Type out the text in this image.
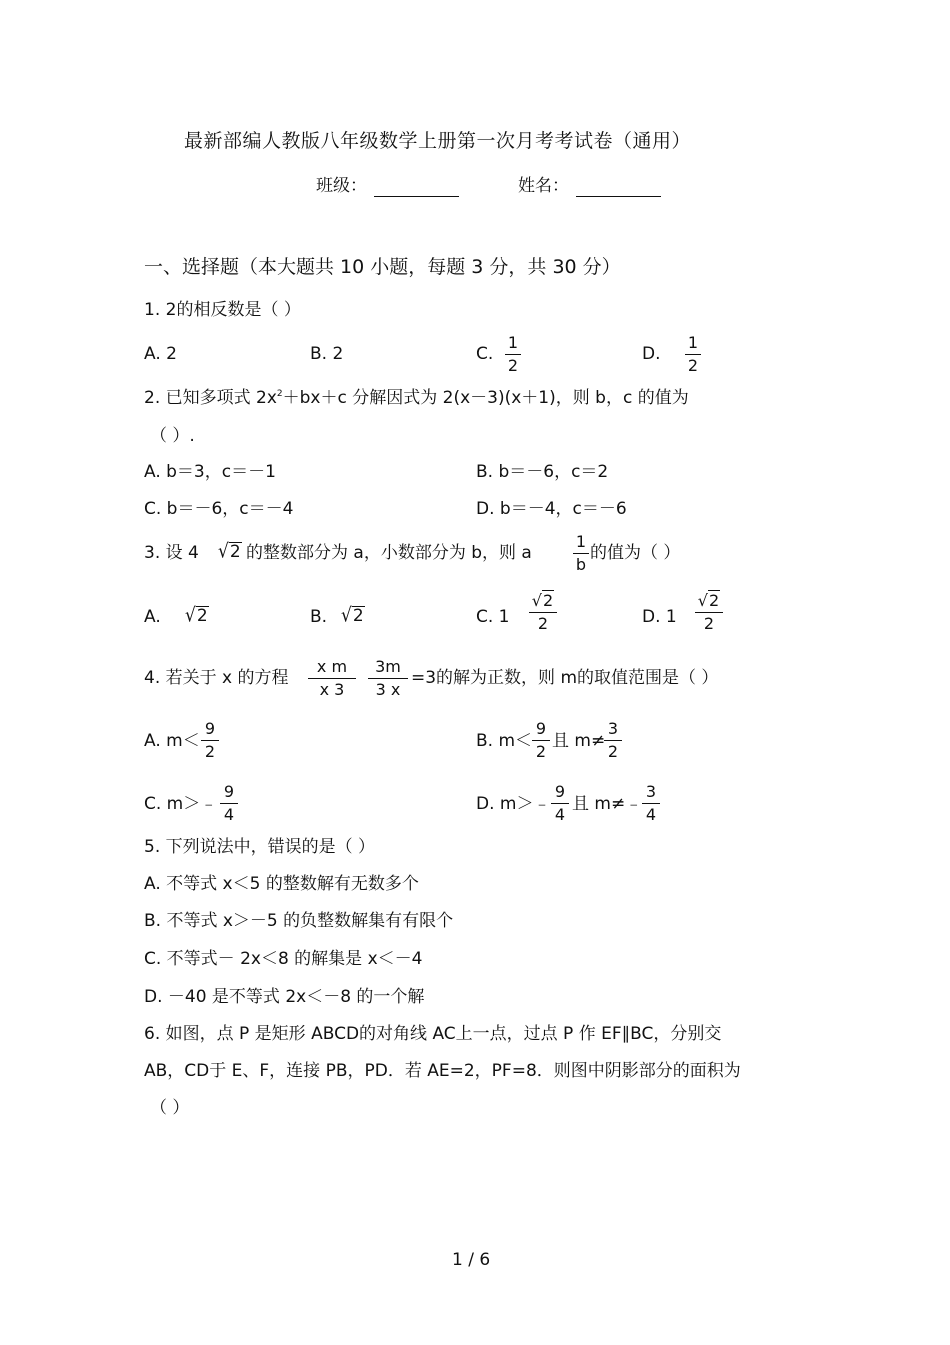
最新部编人教版八年级数学上册第一次月考考试卷（通用）
班级：	姓名：
一、选择题（本大题共 10 小题，每题 3 分，共 30 分）
1. 2的相反数是（ ）
A. 2	B. 2	C.
1
2
D.
1
2
2. 已知多项式 $2x^2+bx+c$ 分解因式为 2(x－3)(x＋1)，则 b，c 的值为
（ ）.
A. b＝3，c＝－1	B. b＝－6，c＝2
C. b＝－6，c＝－4	D. b＝－4，c＝－6
3. 设 4 √2 的整数部分为 a，小数部分为 b，则 a
1
b
的值为（ ）
A. √2	B. √2	C. 1
√2
2	D. 1
√2
2
4. 若关于 x 的方程
x m
x 3
3m
3 x
=3的解为正数，则 m的取值范围是（ ）
A. m＜
9
2
B. m＜
9
2
且 m≠
3
2
C. m＞﹣
9
4
D. m＞﹣
9
4
且 m≠﹣
3
4
5. 下列说法中，错误的是（ ）
A. 不等式 x＜5 的整数解有无数多个
B. 不等式 x＞－5 的负整数解集有有限个
C. 不等式－ 2x＜8 的解集是 x＜－4
D. －40 是不等式 2x＜－8 的一个解
6. 如图，点 P 是矩形 ABCD的对角线 AC上一点，过点 P 作 EF∥BC，分别交
AB，CD于 E、F，连接 PB，PD．若 AE=2，PF=8．则图中阴影部分的面积为
（ ）
1 / 6
